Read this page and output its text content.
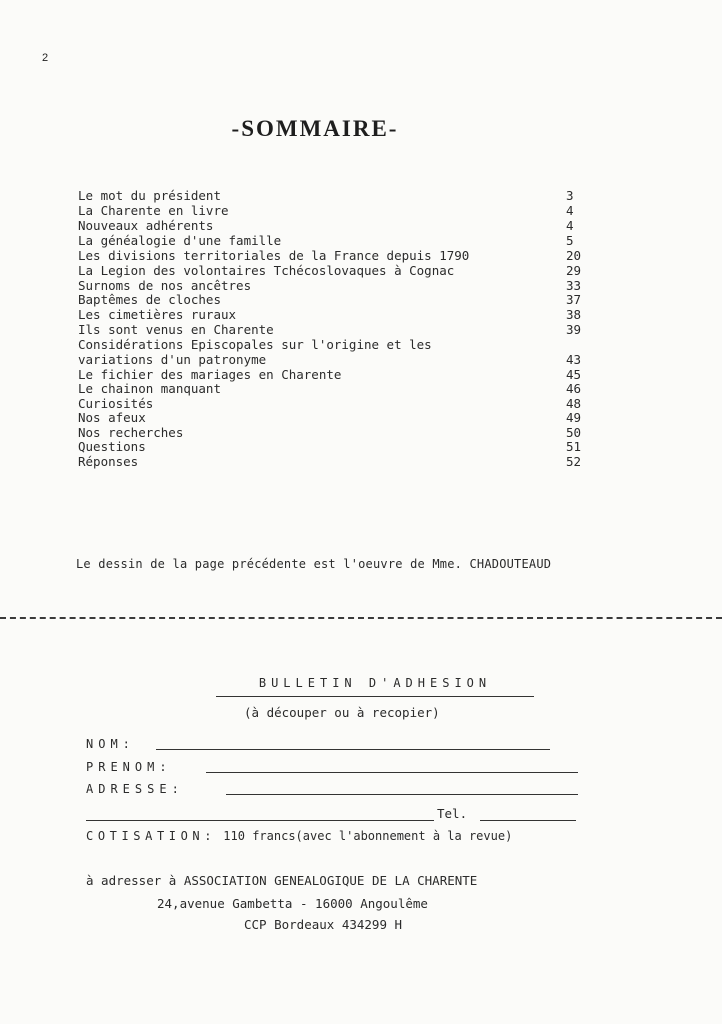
2
-SOMMAIRE-
Le mot du président	3
La Charente en livre	4
Nouveaux adhérents	4
La généalogie d'une famille	5
Les divisions territoriales de la France depuis 1790	20
La Legion des volontaires Tchécoslovaques à Cognac	29
Surnoms de nos ancêtres	33
Baptêmes de cloches	37
Les cimetières ruraux	38
Ils sont venus en Charente	39
Considérations Episcopales sur l'origine et les
variations d'un patronyme	43
Le fichier des mariages en Charente	45
Le chainon manquant	46
Curiosités	48
Nos afeux	49
Nos recherches	50
Questions	51
Réponses	52
Le dessin de la page précédente est l'oeuvre de Mme. CHADOUTEAUD
BULLETIN D'ADHESION
(à découper ou à recopier)
NOM:
PRENOM:
ADRESSE:
Tel.
COTISATION: 110 francs(avec l'abonnement à la revue)
à adresser à ASSOCIATION GENEALOGIQUE DE LA CHARENTE
24,avenue Gambetta - 16000 Angoulême
CCP Bordeaux 434299 H
